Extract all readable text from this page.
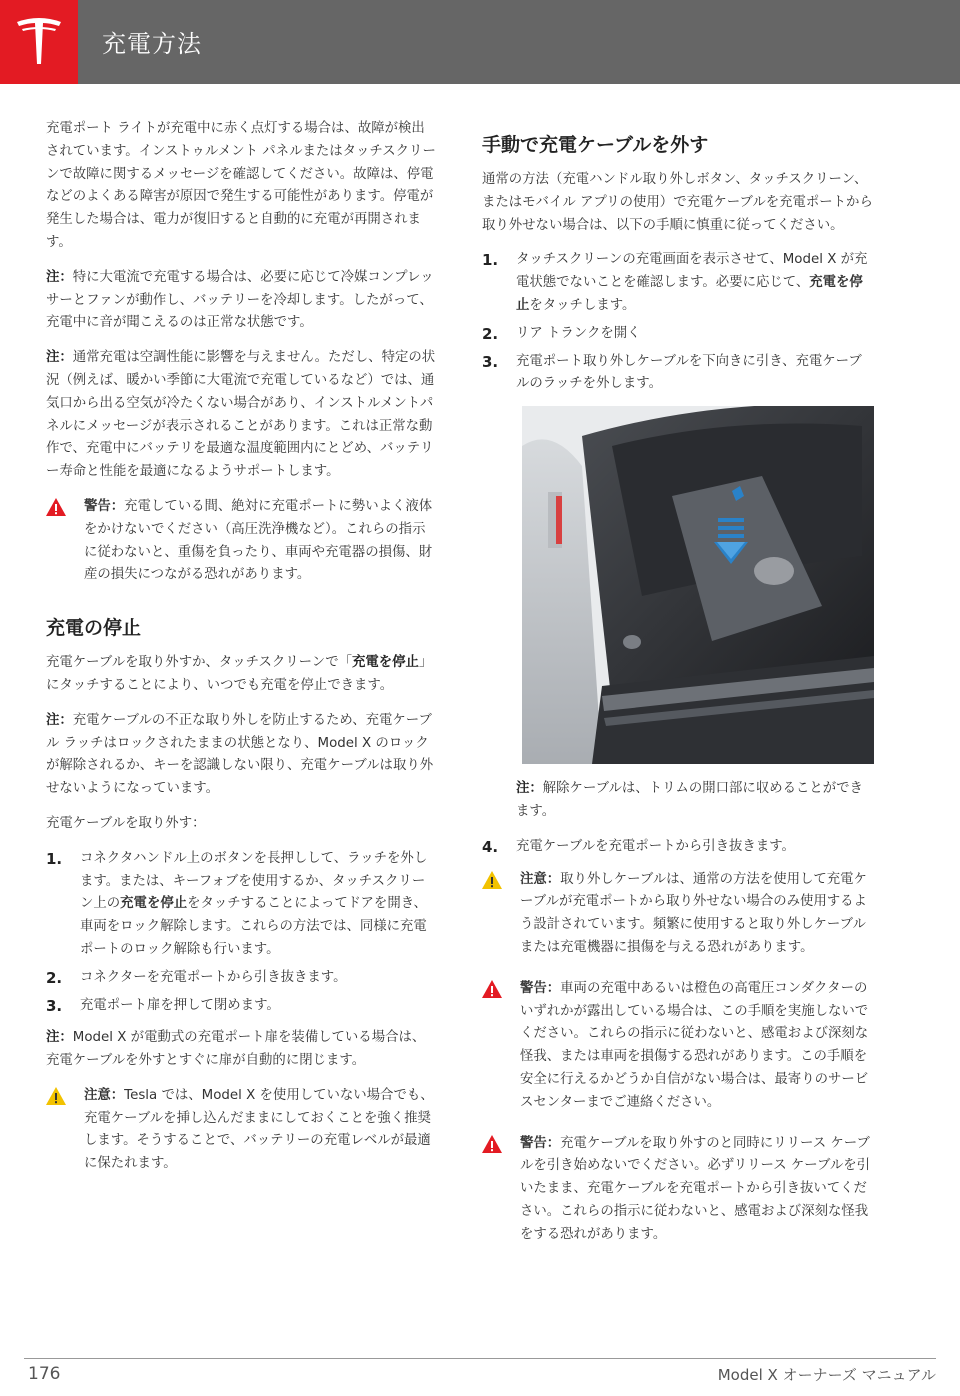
充電方法

充電ポート ライトが充電中に赤く点灯する場合は、故障が検出されています。インストゥルメント パネルまたはタッチスクリーンで故障に関するメッセージを確認してください。故障は、停電などのよくある障害が原因で発生する可能性があります。停電が発生した場合は、電力が復旧すると自動的に充電が再開されます。

注：特に大電流で充電する場合は、必要に応じて冷媒コンプレッサーとファンが動作し、バッテリーを冷却します。したがって、充電中に音が聞こえるのは正常な状態です。

注：通常充電は空調性能に影響を与えません。ただし、特定の状況（例えば、暖かい季節に大電流で充電しているなど）では、通気口から出る空気が冷たくない場合があり、インストルメントパネルにメッセージが表示されることがあります。これは正常な動作で、充電中にバッテリを最適な温度範囲内にとどめ、バッテリー寿命と性能を最適になるようサポートします。

警告：充電している間、絶対に充電ポートに勢いよく液体をかけないでください（高圧洗浄機など）。これらの指示に従わないと、重傷を負ったり、車両や充電器の損傷、財産の損失につながる恐れがあります。
充電の停止

充電ケーブルを取り外すか、タッチスクリーンで「充電を停止」にタッチすることにより、いつでも充電を停止できます。

注：充電ケーブルの不正な取り外しを防止するため、充電ケーブル ラッチはロックされたままの状態となり、Model X のロックが解除されるか、キーを認識しない限り、充電ケーブルは取り外せないようになっています。

充電ケーブルを取り外す：

1. コネクタハンドル上のボタンを長押しして、ラッチを外します。または、キーフォブを使用するか、タッチスクリーン上の充電を停止をタッチすることによってドアを開き、車両をロック解除します。これらの方法では、同様に充電ポートのロック解除も行います。
2. コネクターを充電ポートから引き抜きます。
3. 充電ポート扉を押して閉めます。

注：Model X が電動式の充電ポート扉を装備している場合は、充電ケーブルを外すとすぐに扉が自動的に閉じます。

注意：Tesla では、Model X を使用していない場合でも、充電ケーブルを挿し込んだままにしておくことを強く推奨します。そうすることで、バッテリーの充電レベルが最適に保たれます。
手動で充電ケーブルを外す

通常の方法（充電ハンドル取り外しボタン、タッチスクリーン、またはモバイル アプリの使用）で充電ケーブルを充電ポートから取り外せない場合は、以下の手順に慎重に従ってください。

1. タッチスクリーンの充電画面を表示させて、Model X が充電状態でないことを確認します。必要に応じて、充電を停止をタッチします。
2. リア トランクを開く
3. 充電ポート取り外しケーブルを下向きに引き、充電ケーブルのラッチを外します。

注：解除ケーブルは、トリムの開口部に収めることができます。

4. 充電ケーブルを充電ポートから引き抜きます。
注意：取り外しケーブルは、通常の方法を使用して充電ケーブルが充電ポートから取り外せない場合のみ使用するよう設計されています。頻繁に使用すると取り外しケーブルまたは充電機器に損傷を与える恐れがあります。
警告：車両の充電中あるいは橙色の高電圧コンダクターのいずれかが露出している場合は、この手順を実施しないでください。これらの指示に従わないと、感電および深刻な怪我、または車両を損傷する恐れがあります。この手順を安全に行えるかどうか自信がない場合は、最寄りのサービスセンターまでご連絡ください。
警告：充電ケーブルを取り外すのと同時にリリース ケーブルを引き始めないでください。必ずリリース ケーブルを引いたまま、充電ケーブルを充電ポートから引き抜いてください。これらの指示に従わないと、感電および深刻な怪我をする恐れがあります。
176	Model X オーナーズ マニュアル
